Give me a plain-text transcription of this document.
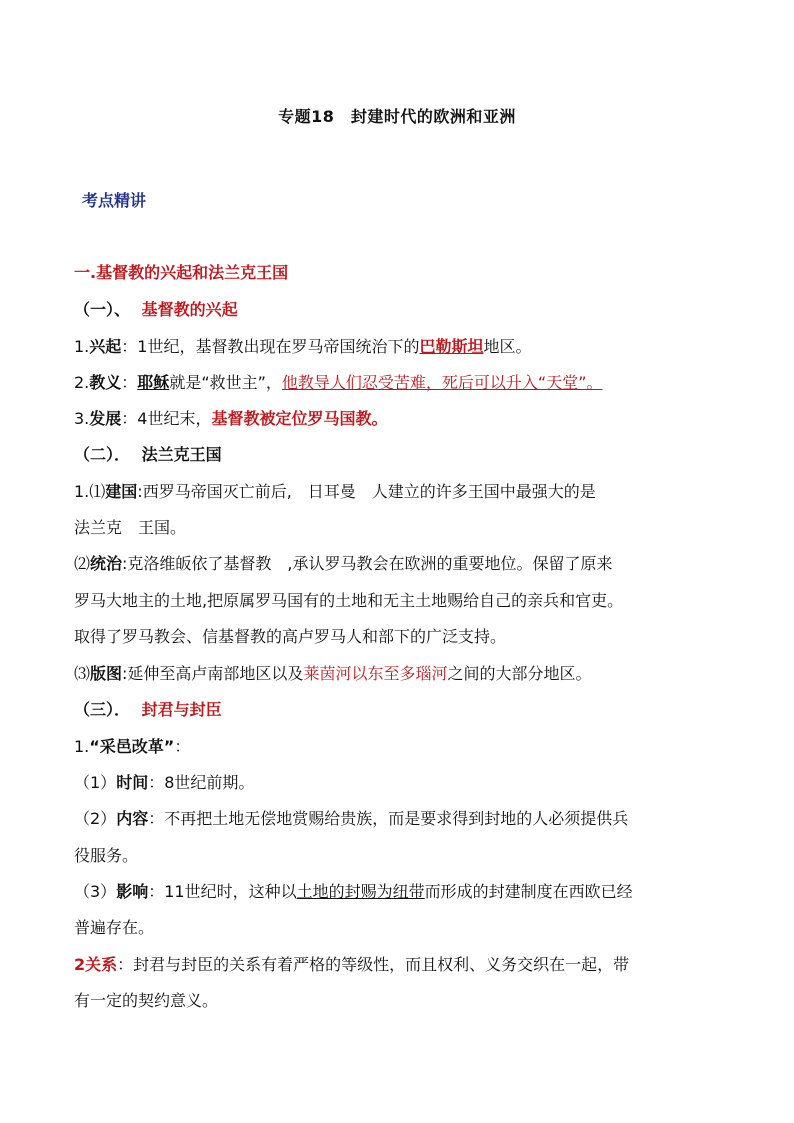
专题18　封建时代的欧洲和亚洲
考点精讲
一.基督教的兴起和法兰克王国
（一）、 基督教的兴起
1.兴起：1世纪，基督教出现在罗马帝国统治下的巴勒斯坦地区。
2.教义：耶稣就是“救世主”，他教导人们忍受苦难，死后可以升入“天堂”。
3.发展：4世纪末，基督教被定位罗马国教。
（二）． 法兰克王国
1.⑴建国:西罗马帝国灭亡前后,　日耳曼　人建立的许多王国中最强大的是
法兰克　王国。
⑵统治:克洛维皈依了基督教　,承认罗马教会在欧洲的重要地位。保留了原来
罗马大地主的土地,把原属罗马国有的土地和无主土地赐给自己的亲兵和官吏。
取得了罗马教会、信基督教的高卢罗马人和部下的广泛支持。
⑶版图:延伸至高卢南部地区以及莱茵河以东至多瑙河之间的大部分地区。
（三）． 封君与封臣
1.“采邑改革”：
（1）时间：8世纪前期。
（2）内容：不再把土地无偿地赏赐给贵族，而是要求得到封地的人必须提供兵
役服务。
（3）影响：11世纪时，这种以土地的封赐为纽带而形成的封建制度在西欧已经
普遍存在。
2关系：封君与封臣的关系有着严格的等级性，而且权利、义务交织在一起，带
有一定的契约意义。
